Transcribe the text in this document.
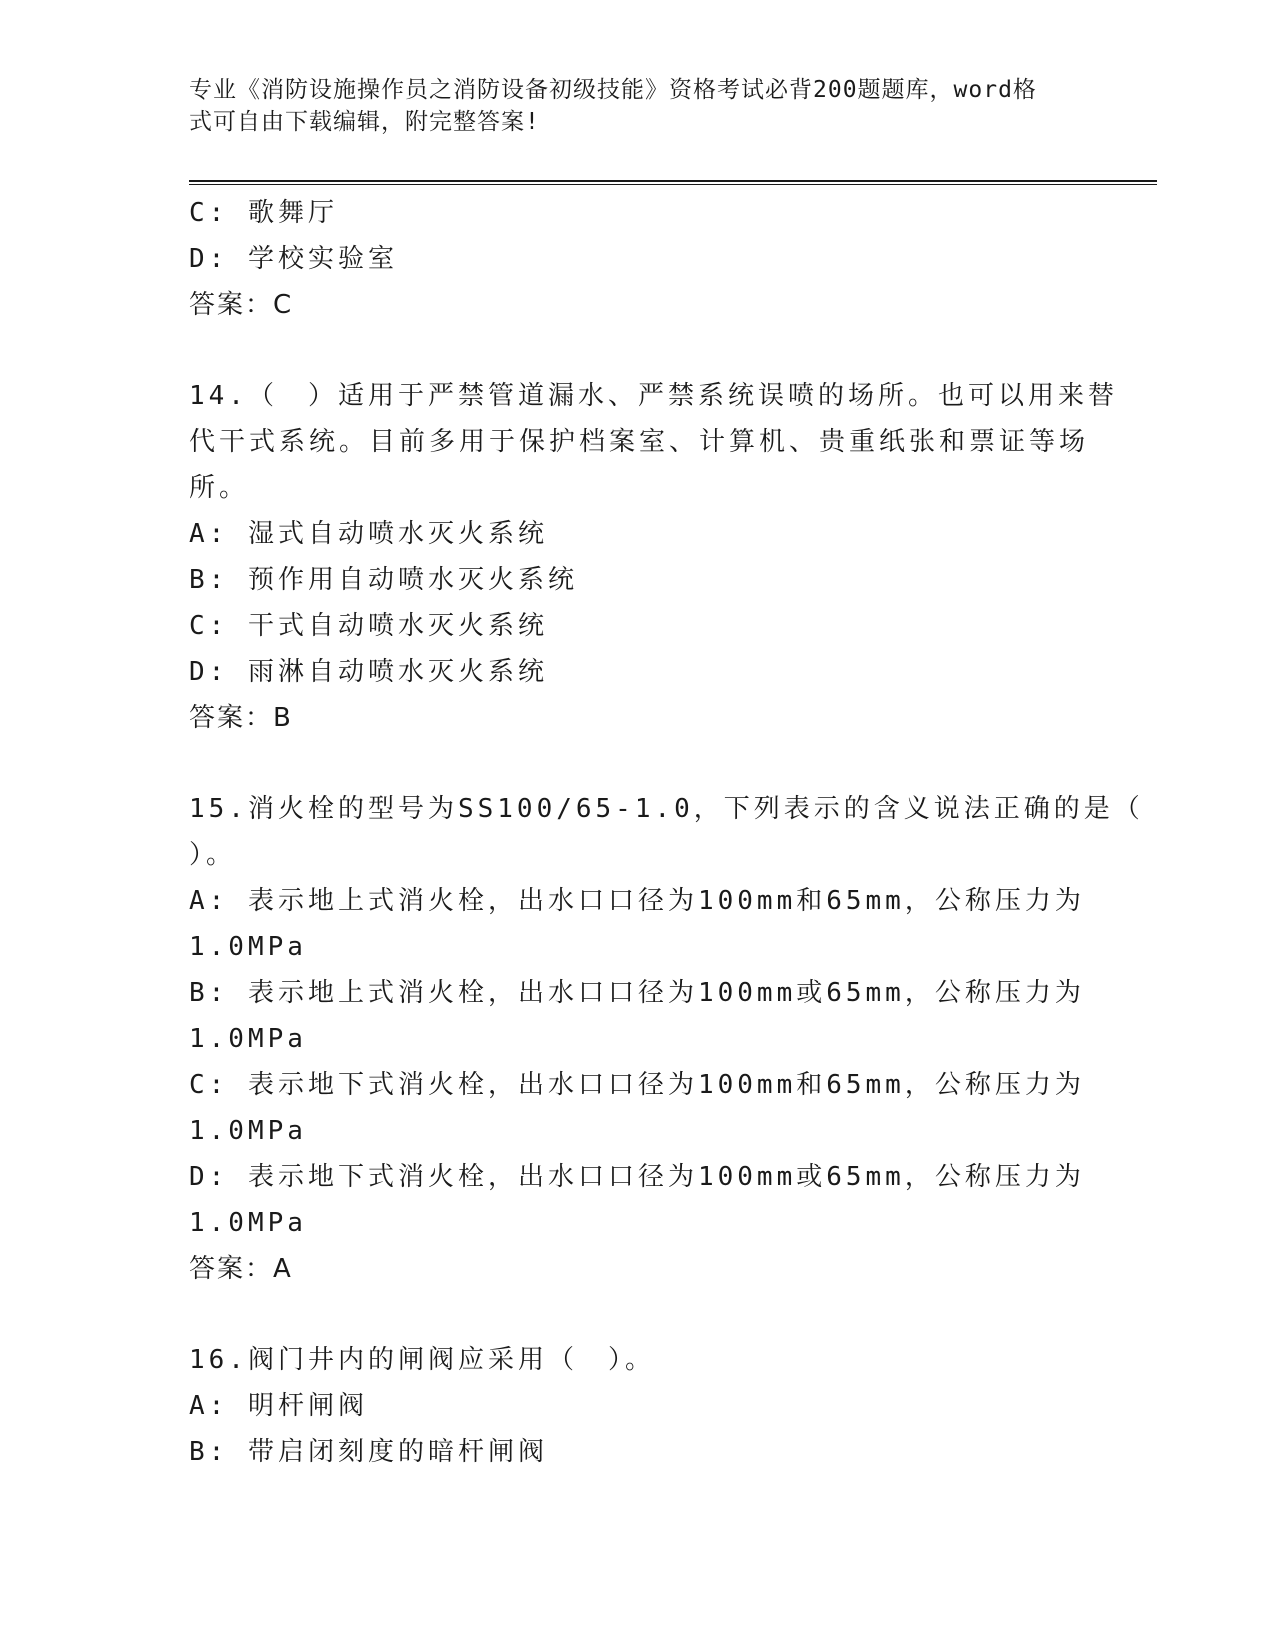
专业《消防设施操作员之消防设备初级技能》资格考试必背200题题库，word格
式可自由下载编辑，附完整答案!
C: 歌舞厅
D: 学校实验室
答案：C
14.（　）适用于严禁管道漏水、严禁系统误喷的场所。也可以用来替
代干式系统。目前多用于保护档案室、计算机、贵重纸张和票证等场
所。
A: 湿式自动喷水灭火系统
B: 预作用自动喷水灭火系统
C: 干式自动喷水灭火系统
D: 雨淋自动喷水灭火系统
答案：B
15.消火栓的型号为SS100/65-1.0，下列表示的含义说法正确的是（
）。
A: 表示地上式消火栓，出水口口径为100mm和65mm，公称压力为
1.0MPa
B: 表示地上式消火栓，出水口口径为100mm或65mm，公称压力为
1.0MPa
C: 表示地下式消火栓，出水口口径为100mm和65mm，公称压力为
1.0MPa
D: 表示地下式消火栓，出水口口径为100mm或65mm，公称压力为
1.0MPa
答案：A
16.阀门井内的闸阀应采用（　）。
A: 明杆闸阀
B: 带启闭刻度的暗杆闸阀
